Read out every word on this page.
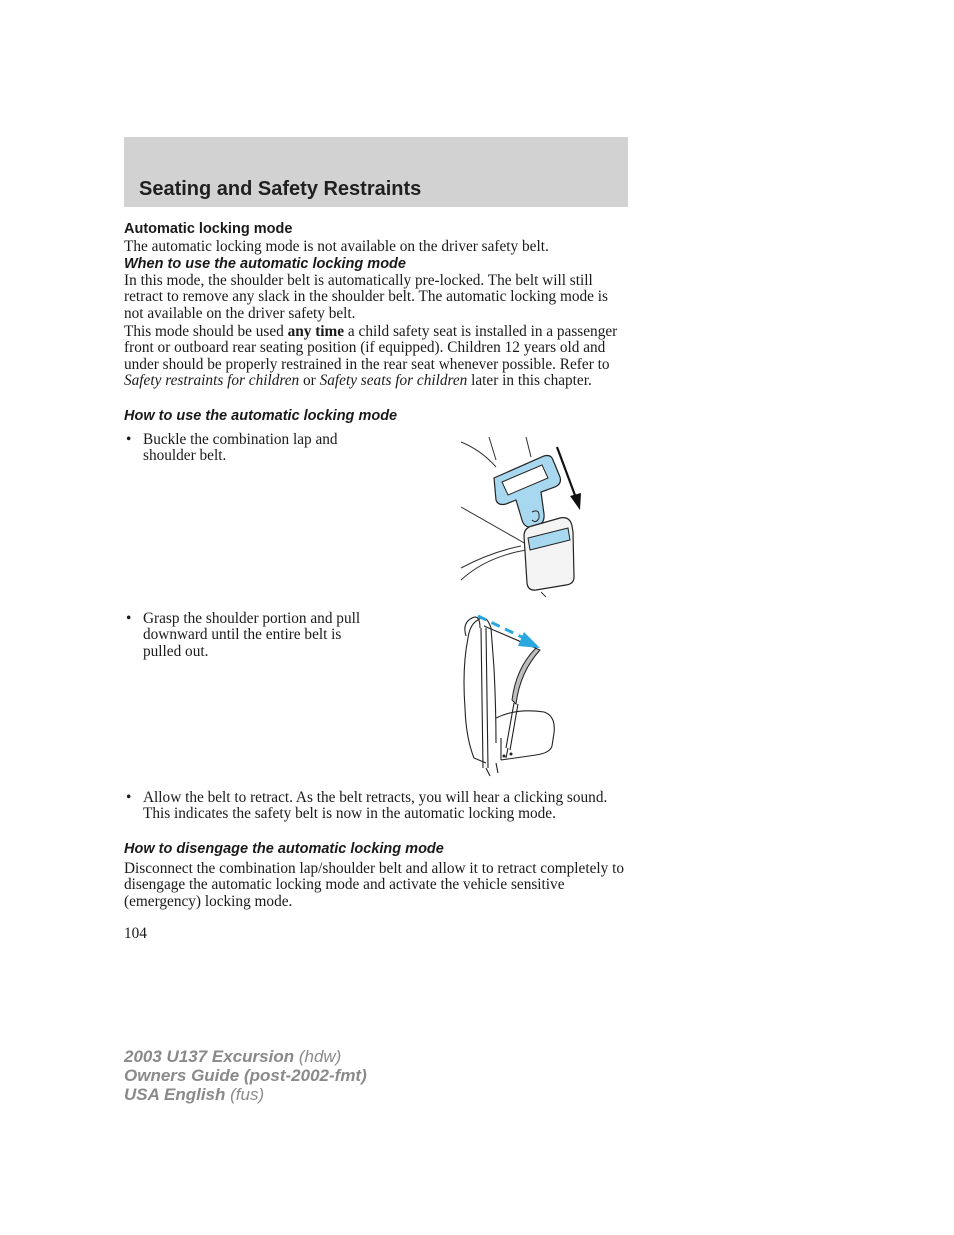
Seating and Safety Restraints
Automatic locking mode

The automatic locking mode is not available on the driver safety belt.

When to use the automatic locking mode

In this mode, the shoulder belt is automatically pre-locked. The belt will still retract to remove any slack in the shoulder belt. The automatic locking mode is not available on the driver safety belt.

This mode should be used any time a child safety seat is installed in a passenger front or outboard rear seating position (if equipped). Children 12 years old and under should be properly restrained in the rear seat whenever possible. Refer to Safety restraints for children or Safety seats for children later in this chapter.

How to use the automatic locking mode
• Buckle the combination lap and shoulder belt.
• Grasp the shoulder portion and pull downward until the entire belt is pulled out.
• Allow the belt to retract. As the belt retracts, you will hear a clicking sound. This indicates the safety belt is now in the automatic locking mode.
How to disengage the automatic locking mode

Disconnect the combination lap/shoulder belt and allow it to retract completely to disengage the automatic locking mode and activate the vehicle sensitive (emergency) locking mode.

104
2003 U137 Excursion (hdw)
Owners Guide (post-2002-fmt)
USA English (fus)
